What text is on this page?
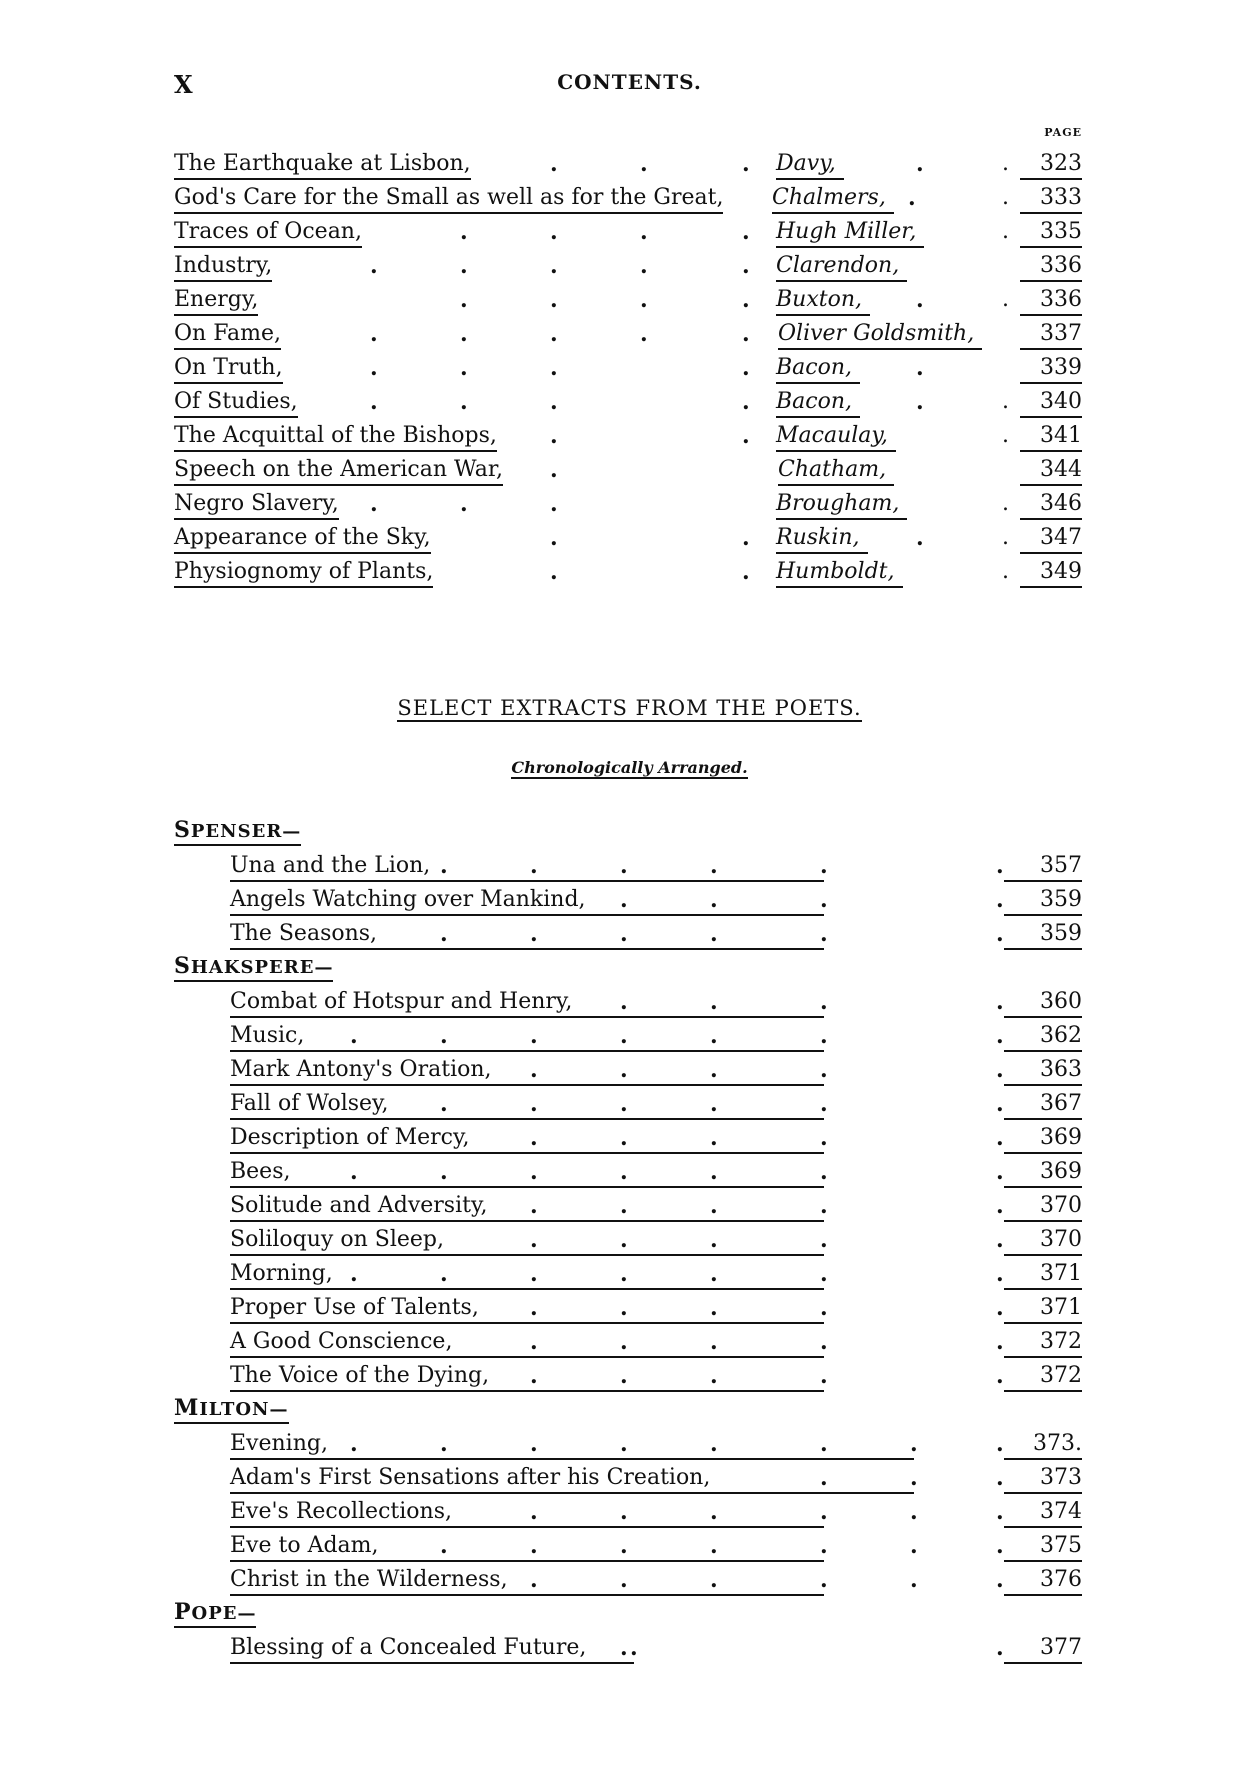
X	CONTENTS.
PAGE
The Earthquake at Lisbon,	.	.	. Davy,	.	.	323
God's Care for the Small as well as for the Great, Chalmers,	.	.	333
Traces of Ocean,	.	.	.	. Hugh Miller,	.	335
Industry,	.	.	.	.	. Clarendon,	336
Energy,	.	.	.	. Buxton,	.	.	336
On Fame,	.	.	.	.	. Oliver Goldsmith,	337
On Truth,	.	.	.	. Bacon,	.	339
Of Studies,	.	.	.	. Bacon,	.	.	340
The Acquittal of the Bishops, .	. Macaulay,	.	341
Speech on the American War, .	Chatham,	344
Negro Slavery, .	.	.	Brougham,	.	346
Appearance of the Sky,	.	. Ruskin,	.	.	347
Physiognomy of Plants,	.	. Humboldt,	.	349
SELECT EXTRACTS FROM THE POETS.
Chronologically Arranged.
SPENSER—
Una and the Lion, .	.	.	.	.	.	357
Angels Watching over Mankind, .	.	.	.	359
The Seasons,	.	.	.	.	.	.	359
SHAKSPERE—
Combat of Hotspur and Henry, .	.	.	.	360
Music, .	.	.	.	.	.	.	362
Mark Antony's Oration, .	.	.	.	.	363
Fall of Wolsey, .	.	.	.	.	.	367
Description of Mercy,	.	.	.	.	.	369
Bees,	.	.	.	.	.	.	.	369
Solitude and Adversity, .	.	.	.	.	370
Soliloquy on Sleep,	.	.	.	.	.	370
Morning, .	.	.	.	.	.	.	371
Proper Use of Talents, .	.	.	.	.	371
A Good Conscience,	.	.	.	.	.	372
The Voice of the Dying, .	.	.	.	.	372
MILTON—
Evening, .	.	.	.	.	.	.	.	373.
Adam's First Sensations after his Creation,	.	.	.	373
Eve's Recollections,	.	.	.	.	.	.	374
Eve to Adam,	.	.	.	.	.	.	.	375
Christ in the Wilderness, .	.	.	.	.	.	376
POPE—
Blessing of a Concealed Future, . .	.	377
